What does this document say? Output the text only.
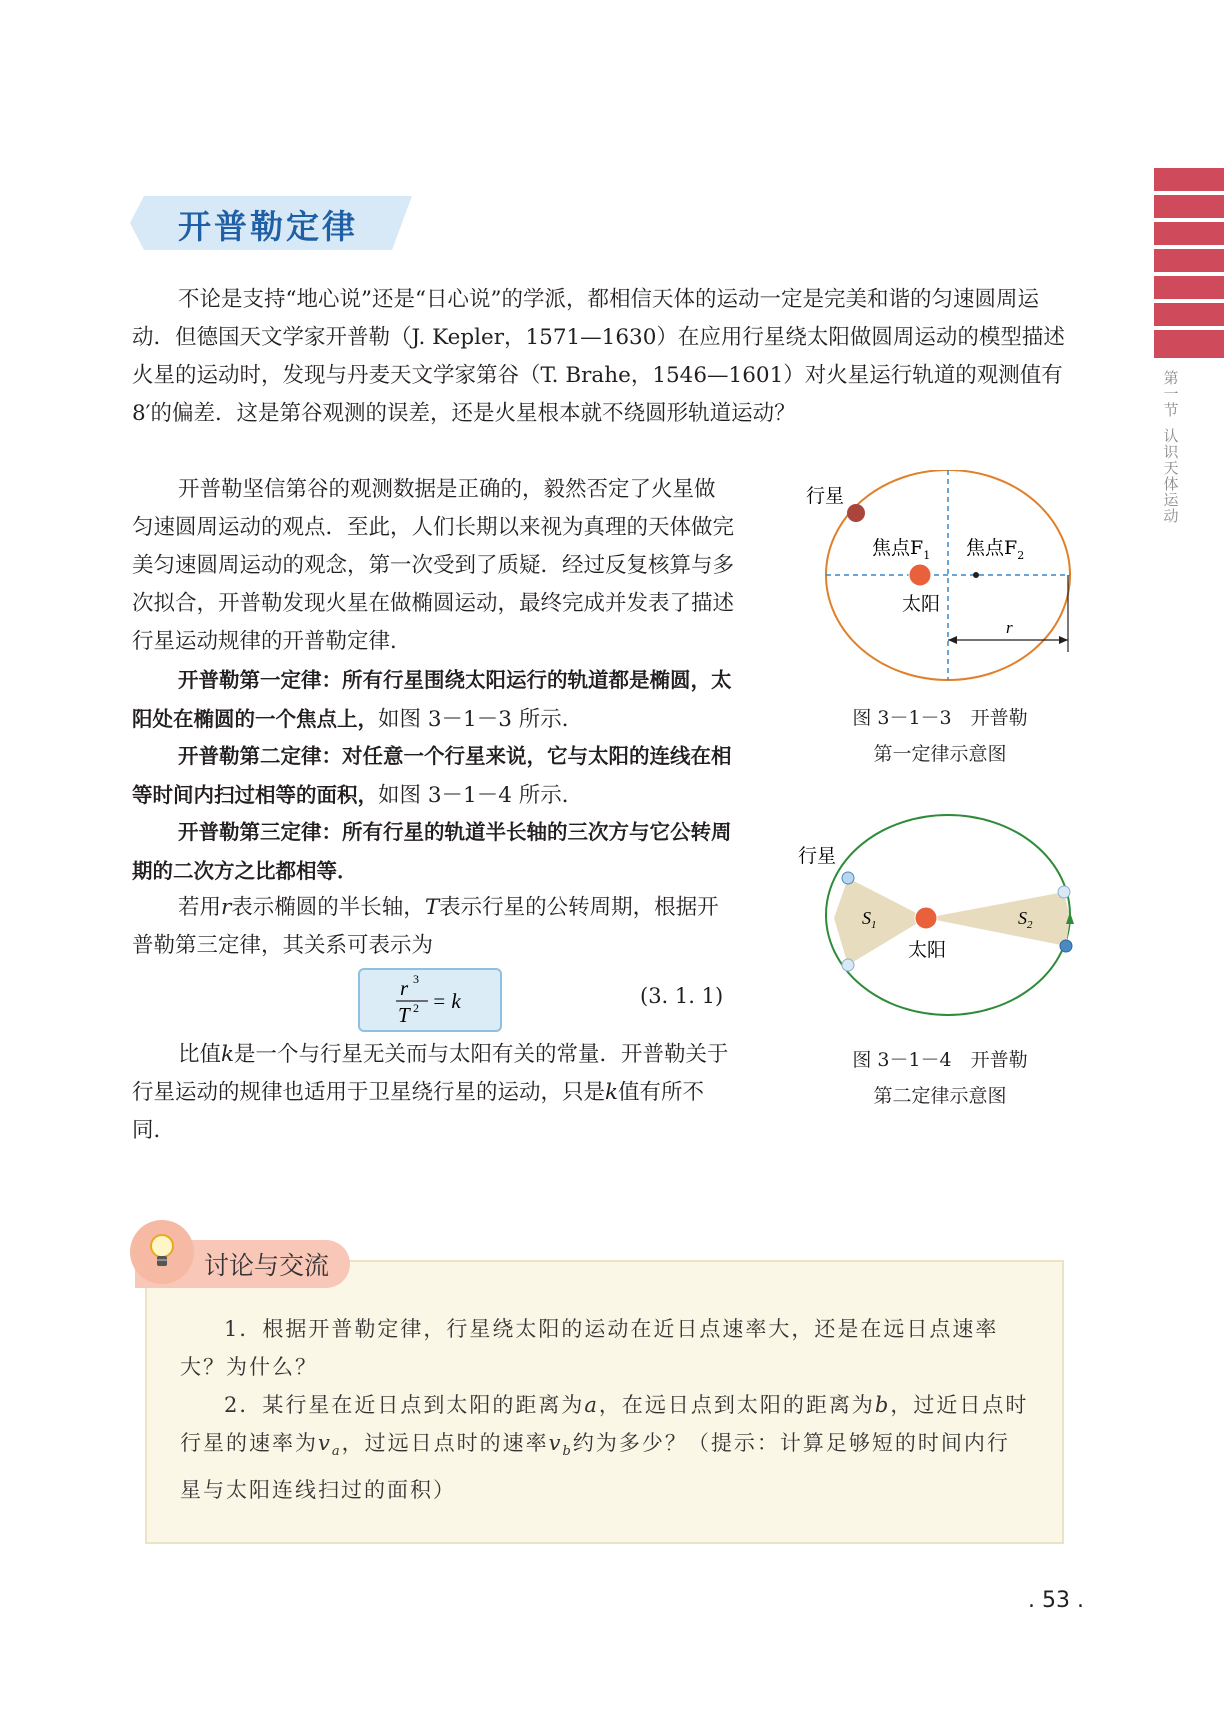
第一节
认识天体运动
开普勒定律

不论是支持“地心说”还是“日心说”的学派，都相信天体的运动一定是完美和谐的匀速圆周运动．但德国天文学家开普勒（J. Kepler，1571—1630）在应用行星绕太阳做圆周运动的模型描述火星的运动时，发现与丹麦天文学家第谷（T. Brahe，1546—1601）对火星运行轨道的观测值有8′的偏差．这是第谷观测的误差，还是火星根本就不绕圆形轨道运动？

开普勒坚信第谷的观测数据是正确的，毅然否定了火星做匀速圆周运动的观点．至此，人们长期以来视为真理的天体做完美匀速圆周运动的观念，第一次受到了质疑．经过反复核算与多次拟合，开普勒发现火星在做椭圆运动，最终完成并发表了描述行星运动规律的开普勒定律．

开普勒第一定律：所有行星围绕太阳运行的轨道都是椭圆，太阳处在椭圆的一个焦点上，如图 3－1－3 所示．

开普勒第二定律：对任意一个行星来说，它与太阳的连线在相等时间内扫过相等的面积，如图 3－1－4 所示．

开普勒第三定律：所有行星的轨道半长轴的三次方与它公转周期的二次方之比都相等．

若用r表示椭圆的半长轴，T表示行星的公转周期，根据开普勒第三定律，其关系可表示为

r 3
T 2 = k	(3. 1. 1)

比值k是一个与行星无关而与太阳有关的常量．开普勒关于行星运动的规律也适用于卫星绕行星的运动，只是k值有所不同．

行星
焦点$F_1$ 焦点$F_2$
太阳
r
图 3－1－3　开普勒
第一定律示意图
行星
$S_1$	$S_2$
太阳
图 3－1－4　开普勒
第二定律示意图
讨论与交流

1．根据开普勒定律，行星绕太阳的运动在近日点速率大，还是在远日点速率大？为什么？

2．某行星在近日点到太阳的距离为a，在远日点到太阳的距离为b，过近日点时行星的速率为$v_a$，过远日点时的速率$v_b$约为多少？（提示：计算足够短的时间内行星与太阳连线扫过的面积）

. 53 .
